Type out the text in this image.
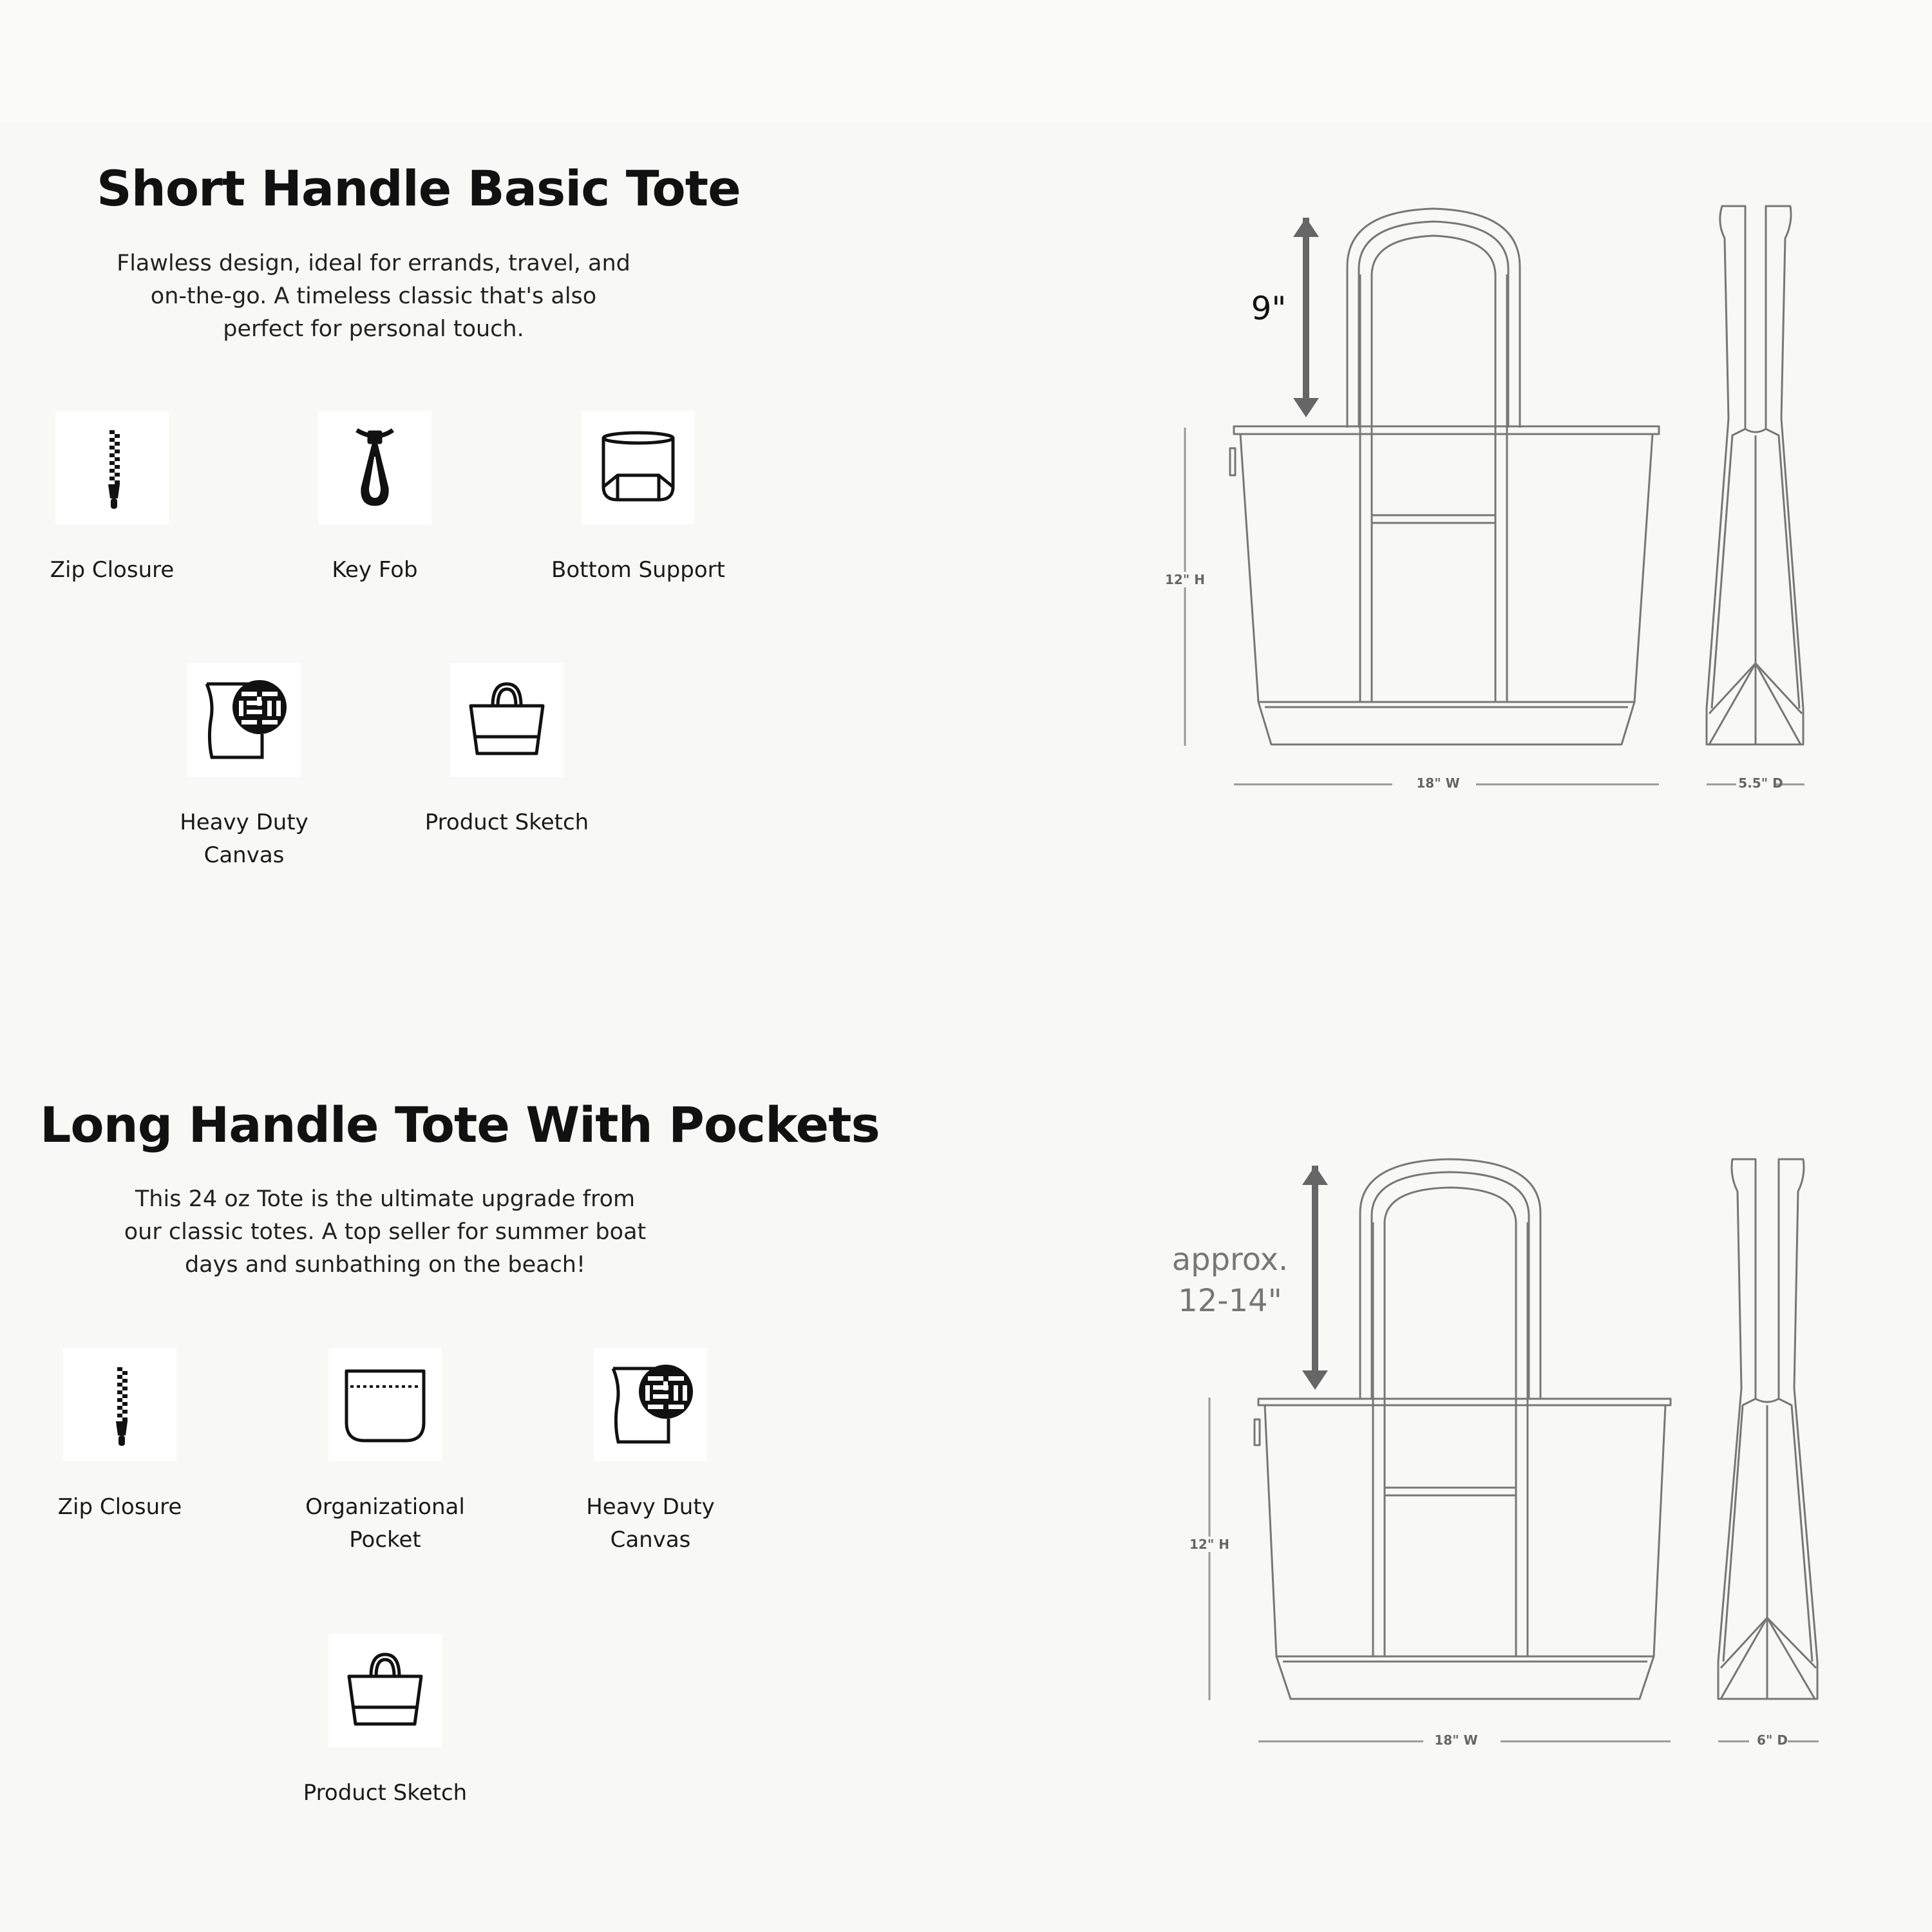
Short Handle Basic Tote

Flawless design, ideal for errands, travel, and on-the-go. A timeless classic that's also perfect for personal touch.

Zip Closure	Key Fob	Bottom Support
Heavy Duty Canvas
Product Sketch
9"
12" H
18" W	5.5" D
Long Handle Tote With Pockets

This 24 oz Tote is the ultimate upgrade from our classic totes. A top seller for summer boat days and sunbathing on the beach!

Zip Closure	Organizational Pocket
Heavy Duty Canvas
Product Sketch
approx.
12-14"
12" H
18" W	6" D
